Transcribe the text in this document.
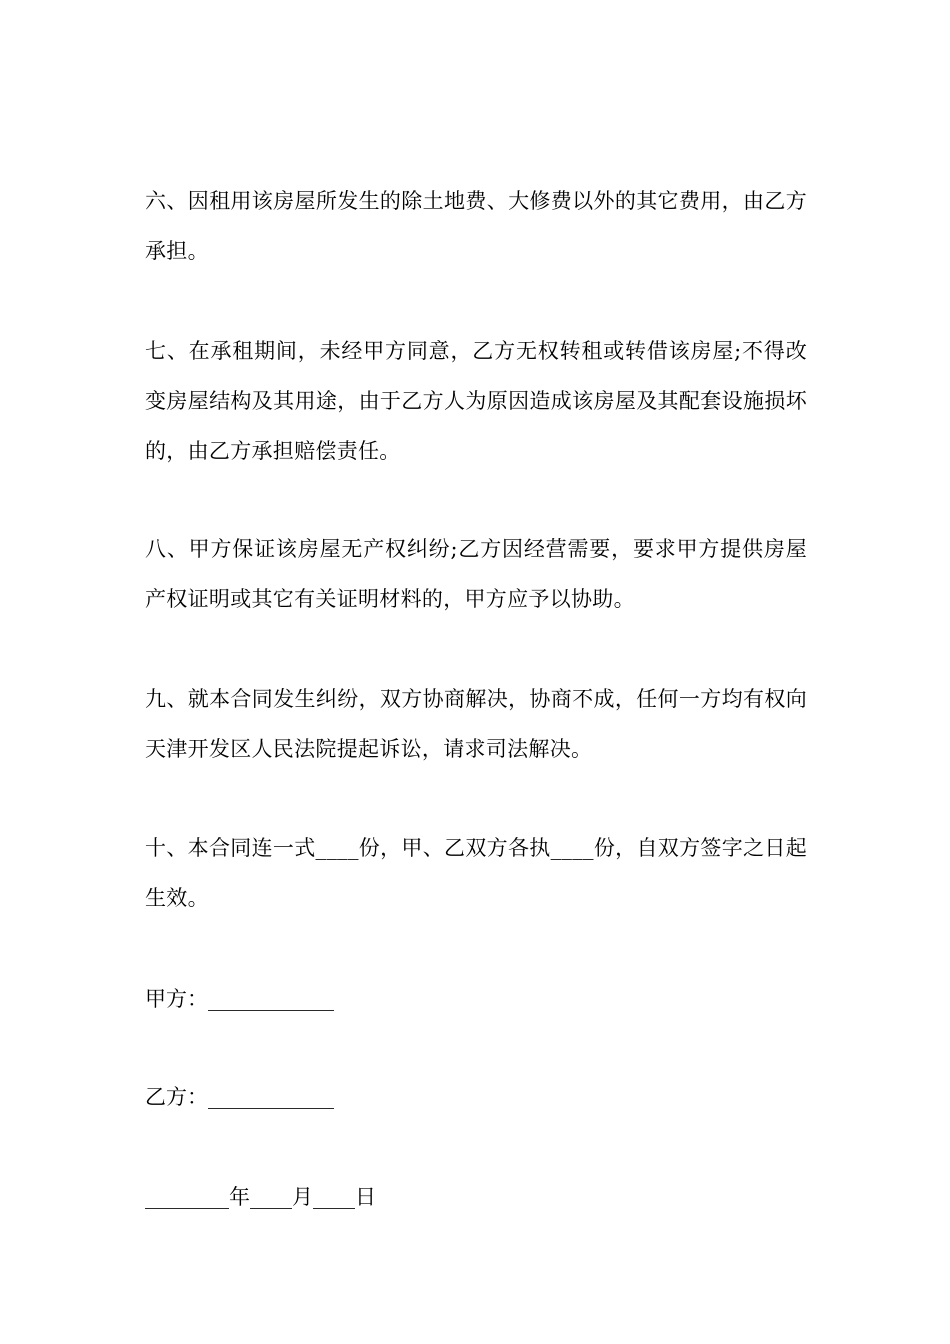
六、因租用该房屋所发生的除土地费、大修费以外的其它费用，由乙方承担。

七、在承租期间，未经甲方同意，乙方无权转租或转借该房屋;不得改变房屋结构及其用途，由于乙方人为原因造成该房屋及其配套设施损坏的，由乙方承担赔偿责任。

八、甲方保证该房屋无产权纠纷;乙方因经营需要，要求甲方提供房屋产权证明或其它有关证明材料的，甲方应予以协助。

九、就本合同发生纠纷，双方协商解决，协商不成，任何一方均有权向天津开发区人民法院提起诉讼，请求司法解决。

十、本合同连一式____份，甲、乙双方各执____份，自双方签字之日起生效。

甲方：____________

乙方：____________

________年____月____日
